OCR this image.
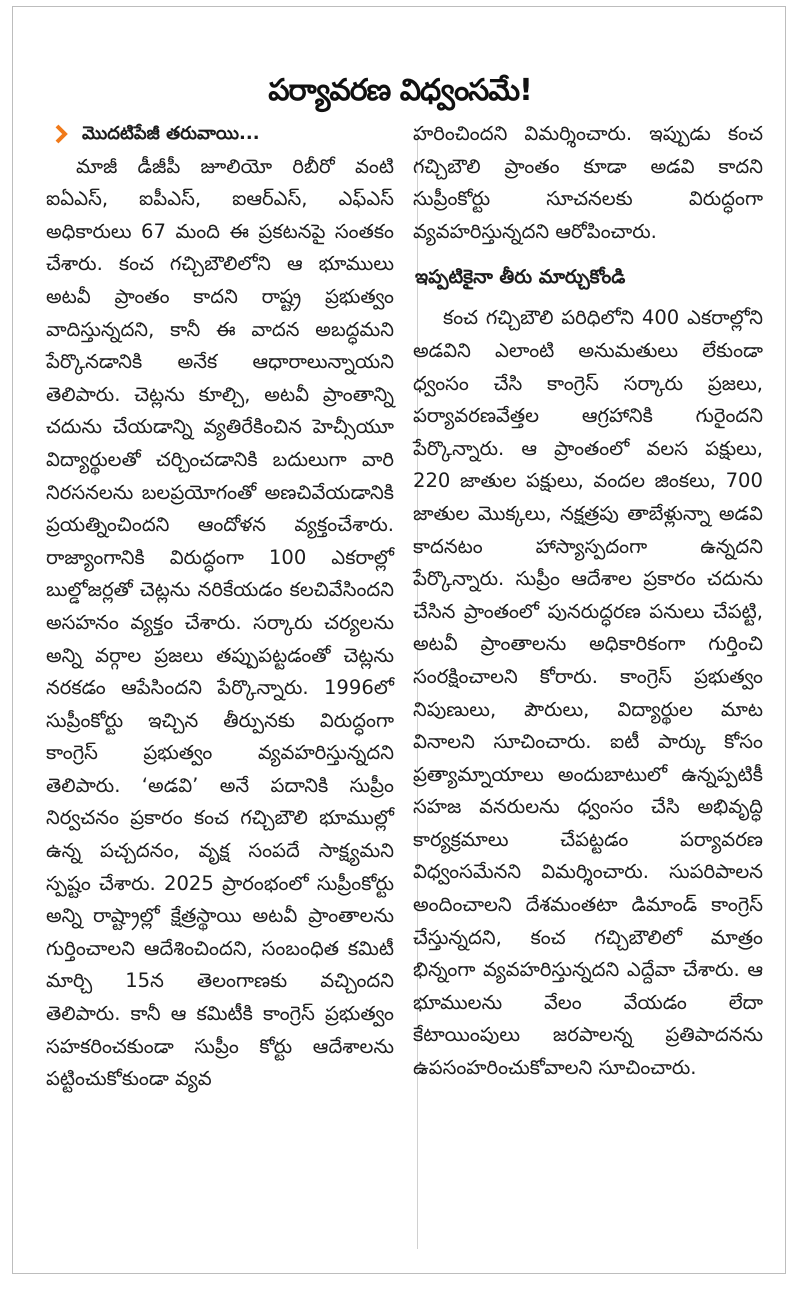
పర్యావరణ విధ్వంసమే!
మొదటిపేజీ తరువాయి...

మాజీ డీజీపీ జూలియో రిబీరో వంటి ఐఏఎస్, ఐపీఎస్, ఐఆర్ఎస్, ఎఫ్ఎస్ అధికారులు 67 మంది ఈ ప్రకటనపై సంతకం చేశారు. కంచ గచ్చిబౌలిలోని ఆ భూములు అటవీ ప్రాంతం కాదని రాష్ట్ర ప్రభుత్వం వాదిస్తున్నదని, కానీ ఈ వాదన అబద్ధమని పేర్కొనడానికి అనేక ఆధారాలున్నాయని తెలిపారు. చెట్లను కూల్చి, అటవీ ప్రాంతాన్ని చదును చేయడాన్ని వ్యతిరేకించిన హెచ్సీయూ విద్యార్థులతో చర్చించడానికి బదులుగా వారి నిరసనలను బలప్రయోగంతో అణచివేయడానికి ప్రయత్నించిందని ఆందోళన వ్యక్తంచేశారు. రాజ్యాంగానికి విరుద్ధంగా 100 ఎకరాల్లో బుల్డోజర్లతో చెట్లను నరికేయడం కలచివేసిందని అసహనం వ్యక్తం చేశారు. సర్కారు చర్యలను అన్ని వర్గాల ప్రజలు తప్పుపట్టడంతో చెట్లను నరకడం ఆపేసిందని పేర్కొన్నారు. 1996లో సుప్రీంకోర్టు ఇచ్చిన తీర్పునకు విరుద్ధంగా కాంగ్రెస్ ప్రభుత్వం వ్యవహరిస్తున్నదని తెలిపారు. ‘అడవి’ అనే పదానికి సుప్రీం నిర్వచనం ప్రకారం కంచ గచ్చిబౌలి భూముల్లో ఉన్న పచ్చదనం, వృక్ష సంపదే సాక్ష్యమని స్పష్టం చేశారు. 2025 ప్రారంభంలో సుప్రీంకోర్టు అన్ని రాష్ట్రాల్లో క్షేత్రస్థాయి అటవీ ప్రాంతాలను గుర్తించాలని ఆదేశించిందని, సంబంధిత కమిటీ మార్చి 15న తెలంగాణకు వచ్చిందని తెలిపారు. కానీ ఆ కమిటీకి కాంగ్రెస్ ప్రభుత్వం సహకరించకుండా సుప్రీం కోర్టు ఆదేశాలను పట్టించుకోకుండా వ్యవ

హరించిందని విమర్శించారు. ఇప్పుడు కంచ గచ్చిబౌలి ప్రాంతం కూడా అడవి కాదని సుప్రీంకోర్టు సూచనలకు విరుద్ధంగా వ్యవహరిస్తున్నదని ఆరోపించారు.

ఇప్పటికైనా తీరు మార్చుకోండి

కంచ గచ్చిబౌలి పరిధిలోని 400 ఎకరాల్లోని అడవిని ఎలాంటి అనుమతులు లేకుండా ధ్వంసం చేసి కాంగ్రెస్ సర్కారు ప్రజలు, పర్యావరణవేత్తల ఆగ్రహానికి గురైందని పేర్కొన్నారు. ఆ ప్రాంతంలో వలస పక్షులు, 220 జాతుల పక్షులు, వందల జింకలు, 700 జాతుల మొక్కలు, నక్షత్రపు తాబేళ్లున్నా అడవి కాదనటం హాస్యాస్పదంగా ఉన్నదని పేర్కొన్నారు. సుప్రీం ఆదేశాల ప్రకారం చదును చేసిన ప్రాంతంలో పునరుద్ధరణ పనులు చేపట్టి, అటవీ ప్రాంతాలను అధికారికంగా గుర్తించి సంరక్షించాలని కోరారు. కాంగ్రెస్ ప్రభుత్వం నిపుణులు, పౌరులు, విద్యార్థుల మాట వినాలని సూచించారు. ఐటీ పార్కు కోసం ప్రత్యామ్నాయాలు అందుబాటులో ఉన్నప్పటికీ సహజ వనరులను ధ్వంసం చేసి అభివృద్ధి కార్యక్రమాలు చేపట్టడం పర్యావరణ విధ్వంసమేనని విమర్శించారు. సుపరిపాలన అందించాలని దేశమంతటా డిమాండ్ కాంగ్రెస్ చేస్తున్నదని, కంచ గచ్చిబౌలిలో మాత్రం భిన్నంగా వ్యవహరిస్తున్నదని ఎద్దేవా చేశారు. ఆ భూములను వేలం వేయడం లేదా కేటాయింపులు జరపాలన్న ప్రతిపాదనను ఉపసంహరించుకోవాలని సూచించారు.
